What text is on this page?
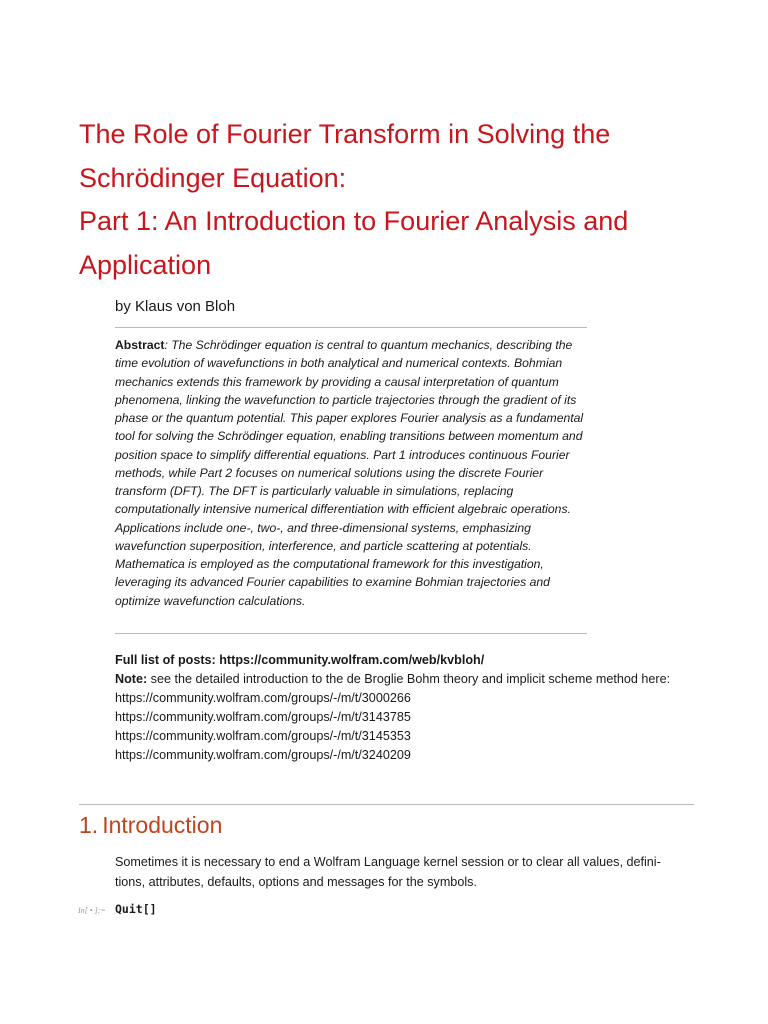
The Role of Fourier Transform in Solving the
Schrödinger Equation:
Part 1: An Introduction to Fourier Analysis and
Application
by Klaus von Bloh

Abstract: The Schrödinger equation is central to quantum mechanics, describing the time evolution of wavefunctions in both analytical and numerical contexts. Bohmian mechanics extends this framework by providing a causal interpretation of quantum phenomena, linking the wavefunction to particle trajectories through the gradient of its phase or the quantum potential. This paper explores Fourier analysis as a fundamental tool for solving the Schrödinger equation, enabling transitions between momentum and position space to simplify differential equations. Part 1 introduces continuous Fourier methods, while Part 2 focuses on numerical solutions using the discrete Fourier transform (DFT). The DFT is particularly valuable in simulations, replacing computationally intensive numerical differentiation with efficient algebraic operations. Applications include one-, two-, and three-dimensional systems, emphasizing wavefunction superposition, interference, and particle scattering at potentials. Mathematica is employed as the computational framework for this investigation, leveraging its advanced Fourier capabilities to examine Bohmian trajectories and optimize wavefunction calculations.

Full list of posts: https://community.wolfram.com/web/kvbloh/
Note: see the detailed introduction to the de Broglie Bohm theory and implicit scheme method here:
https://community.wolfram.com/groups/-/m/t/3000266
https://community.wolfram.com/groups/-/m/t/3143785
https://community.wolfram.com/groups/-/m/t/3145353
https://community.wolfram.com/groups/-/m/t/3240209
1. Introduction

Sometimes it is necessary to end a Wolfram Language kernel session or to clear all values, defini-tions, attributes, defaults, options and messages for the symbols.

In[ • ]:= Quit[]
